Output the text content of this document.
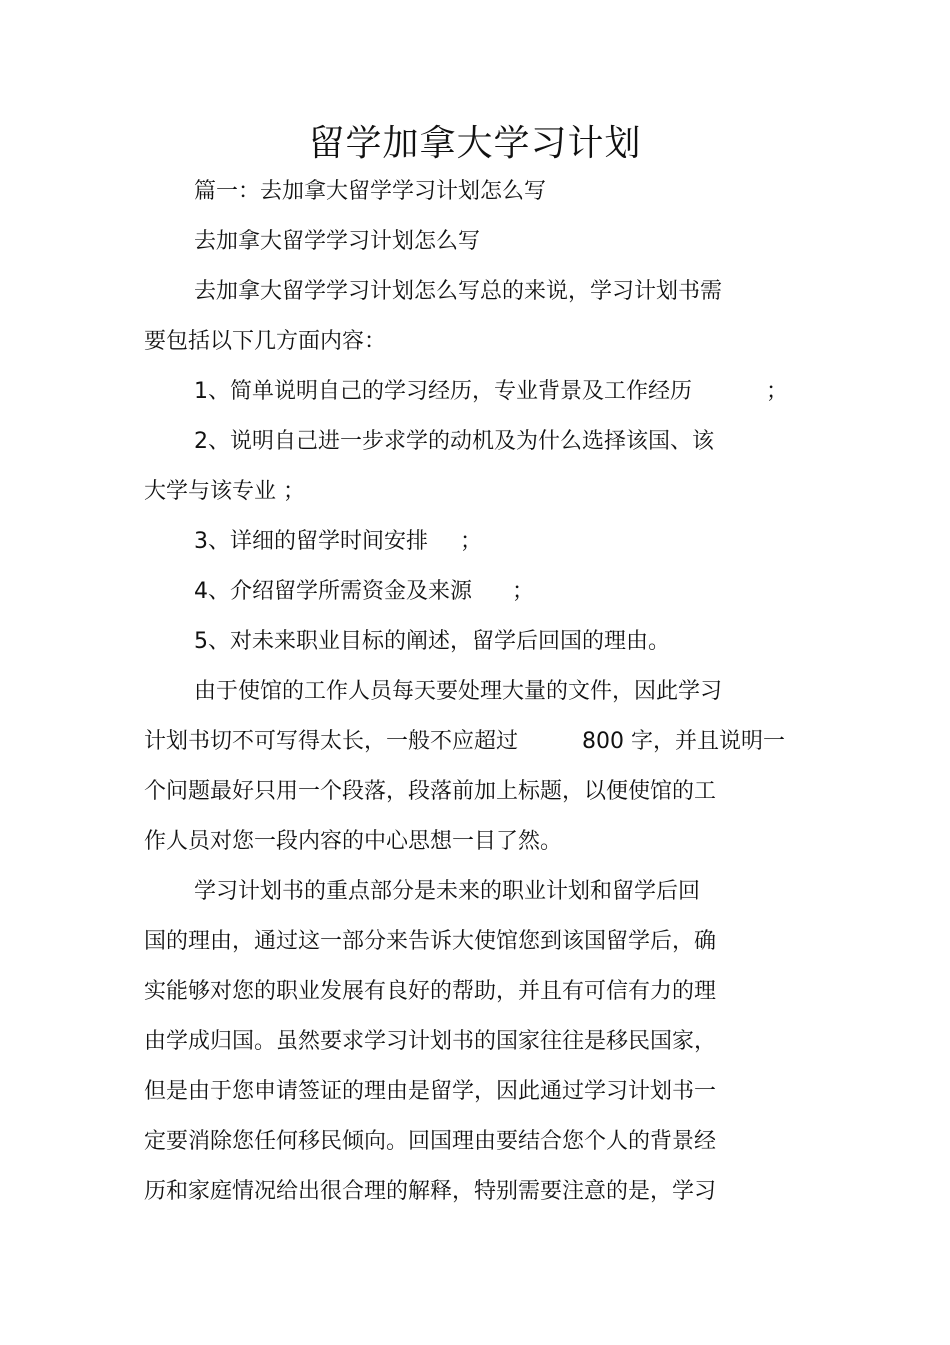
留学加拿大学习计划

篇一：去加拿大留学学习计划怎么写

去加拿大留学学习计划怎么写

去加拿大留学学习计划怎么写总的来说，学习计划书需

要包括以下几方面内容：

1、简单说明自己的学习经历，专业背景及工作经历	；

2、说明自己进一步求学的动机及为什么选择该国、该

大学与该专业 ；

3、详细的留学时间安排 ；

4、介绍留学所需资金及来源 ；

5、对未来职业目标的阐述，留学后回国的理由。

由于使馆的工作人员每天要处理大量的文件，因此学习

计划书切不可写得太长，一般不应超过	800 字，并且说明一

个问题最好只用一个段落，段落前加上标题，以便使馆的工

作人员对您一段内容的中心思想一目了然。

学习计划书的重点部分是未来的职业计划和留学后回

国的理由，通过这一部分来告诉大使馆您到该国留学后，确

实能够对您的职业发展有良好的帮助，并且有可信有力的理

由学成归国。虽然要求学习计划书的国家往往是移民国家，

但是由于您申请签证的理由是留学，因此通过学习计划书一

定要消除您任何移民倾向。回国理由要结合您个人的背景经

历和家庭情况给出很合理的解释，特别需要注意的是，学习
